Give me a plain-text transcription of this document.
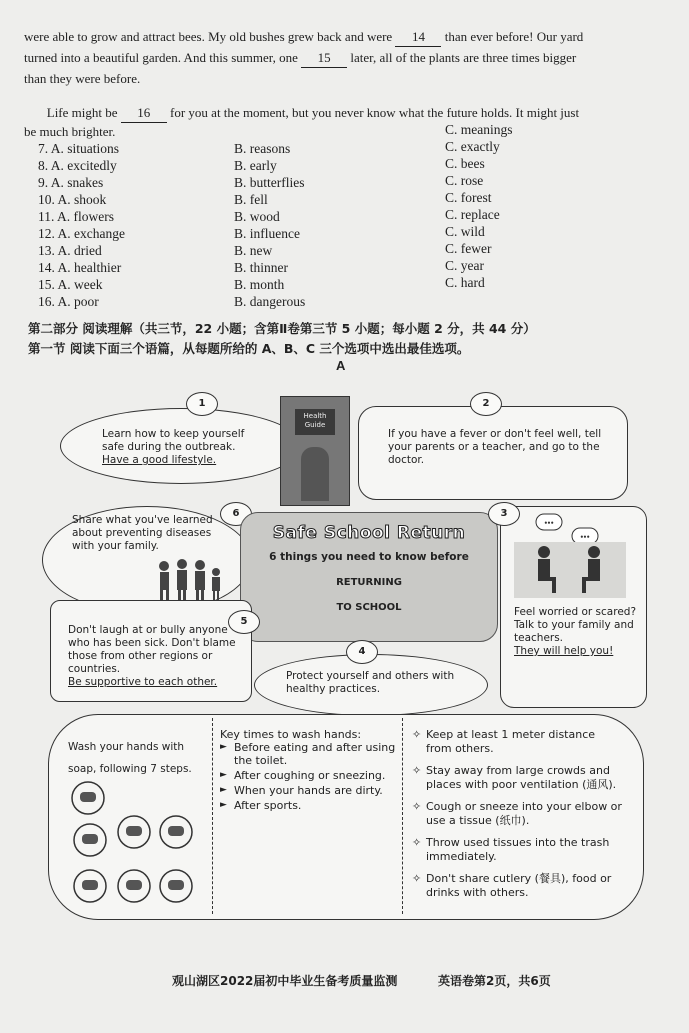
were able to grow and attract bees. My old bushes grew back and were 14 than ever before! Our yard
turned into a beautiful garden. And this summer, one 15 later, all of the plants are three times bigger
than they were before.
Life might be 16 for you at the moment, but you never know what the future holds. It might just
be much brighter.
7. A. situations
8. A. excitedly
9. A. snakes
10. A. shook
11. A. flowers
12. A. exchange
13. A. dried
14. A. healthier
15. A. week
16. A. poor
B. reasons
B. early
B. butterflies
B. fell
B. wood
B. influence
B. new
B. thinner
B. month
B. dangerous
C. meanings
C. exactly
C. bees
C. rose
C. forest
C. replace
C. wild
C. fewer
C. year
C. hard
第二部分 阅读理解（共三节，22 小题；含第Ⅱ卷第三节 5 小题；每小题 2 分，共 44 分）
第一节 阅读下面三个语篇，从每题所给的 A、B、C 三个选项中选出最佳选项。
A
1
Learn how to keep yourself
safe during the outbreak.
Have a good lifestyle.
Health Guide
2
If you have a fever or don't feel well, tell your parents or a teacher, and go to the doctor.
6
Share what you've learned about preventing diseases with your family.
Safe School Return
6 things you need to know before
RETURNING
TO SCHOOL
3
•••
•••
Feel worried or scared? Talk to your family and teachers.
They will help you!
5
Don't laugh at or bully anyone who has been sick. Don't blame those from other regions or countries.
Be supportive to each other.
4
Protect yourself and others with healthy practices.
Wash your hands with soap, following 7 steps.
Key times to wash hands:
► Before eating and after using the toilet.
► After coughing or sneezing.
► When your hands are dirty.
► After sports.
✧ Keep at least 1 meter distance from others.
✧ Stay away from large crowds and places with poor ventilation (通风).
✧ Cough or sneeze into your elbow or use a tissue (纸巾).
✧ Throw used tissues into the trash immediately.
✧ Don't share cutlery (餐具), food or drinks with others.
观山湖区2022届初中毕业生备考质量监测	英语卷第2页，共6页
